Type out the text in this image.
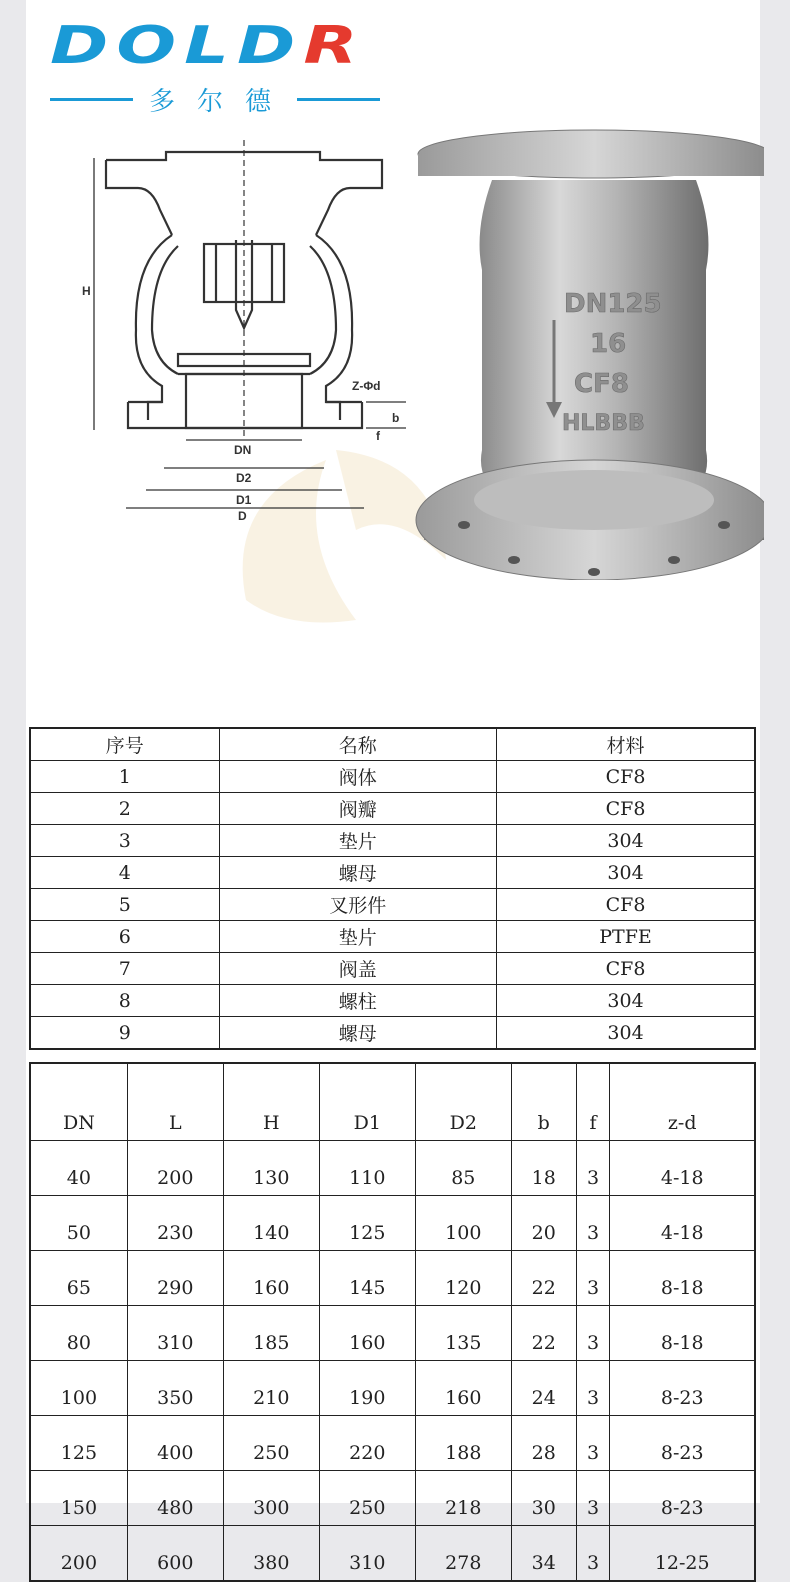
DOLDR
多尔德
H
Z-Φd
b
f
DN
D2
D1
D
DN125
16
CF8
HLBBB
序号	名称	材料
1	阀体	CF8
2	阀瓣	CF8
3	垫片	304
4	螺母	304
5	叉形件	CF8
6	垫片	PTFE
7	阀盖	CF8
8	螺柱	304
9	螺母	304
DN	L	H	D1	D2	b	f	z-d
40	200	130	110	85	18	3	4-18
50	230	140	125	100	20	3	4-18
65	290	160	145	120	22	3	8-18
80	310	185	160	135	22	3	8-18
100	350	210	190	160	24	3	8-23
125	400	250	220	188	28	3	8-23
150	480	300	250	218	30	3	8-23
200	600	380	310	278	34	3	12-25
